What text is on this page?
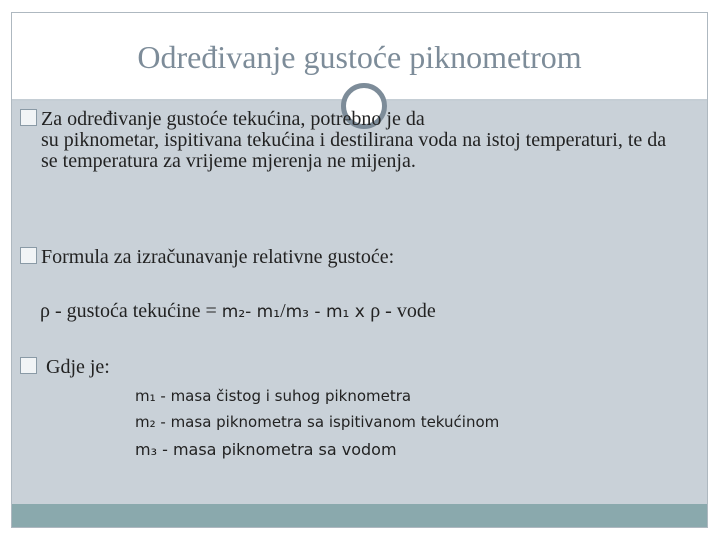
Određivanje gustoće piknometrom
Za određivanje gustoće tekućina, potrebno je da
su piknometar, ispitivana tekućina i destilirana voda na istoj temperaturi, te da se temperatura za vrijeme mjerenja ne mijenja.
Formula za izračunavanje relativne gustoće:
ρ - gustoća tekućine = m₂- m₁/m₃ - m₁ x ρ - vode
Gdje je:
m₁ - masa čistog i suhog piknometra
m₂ - masa piknometra sa ispitivanom tekućinom
m₃ - masa piknometra sa vodom
